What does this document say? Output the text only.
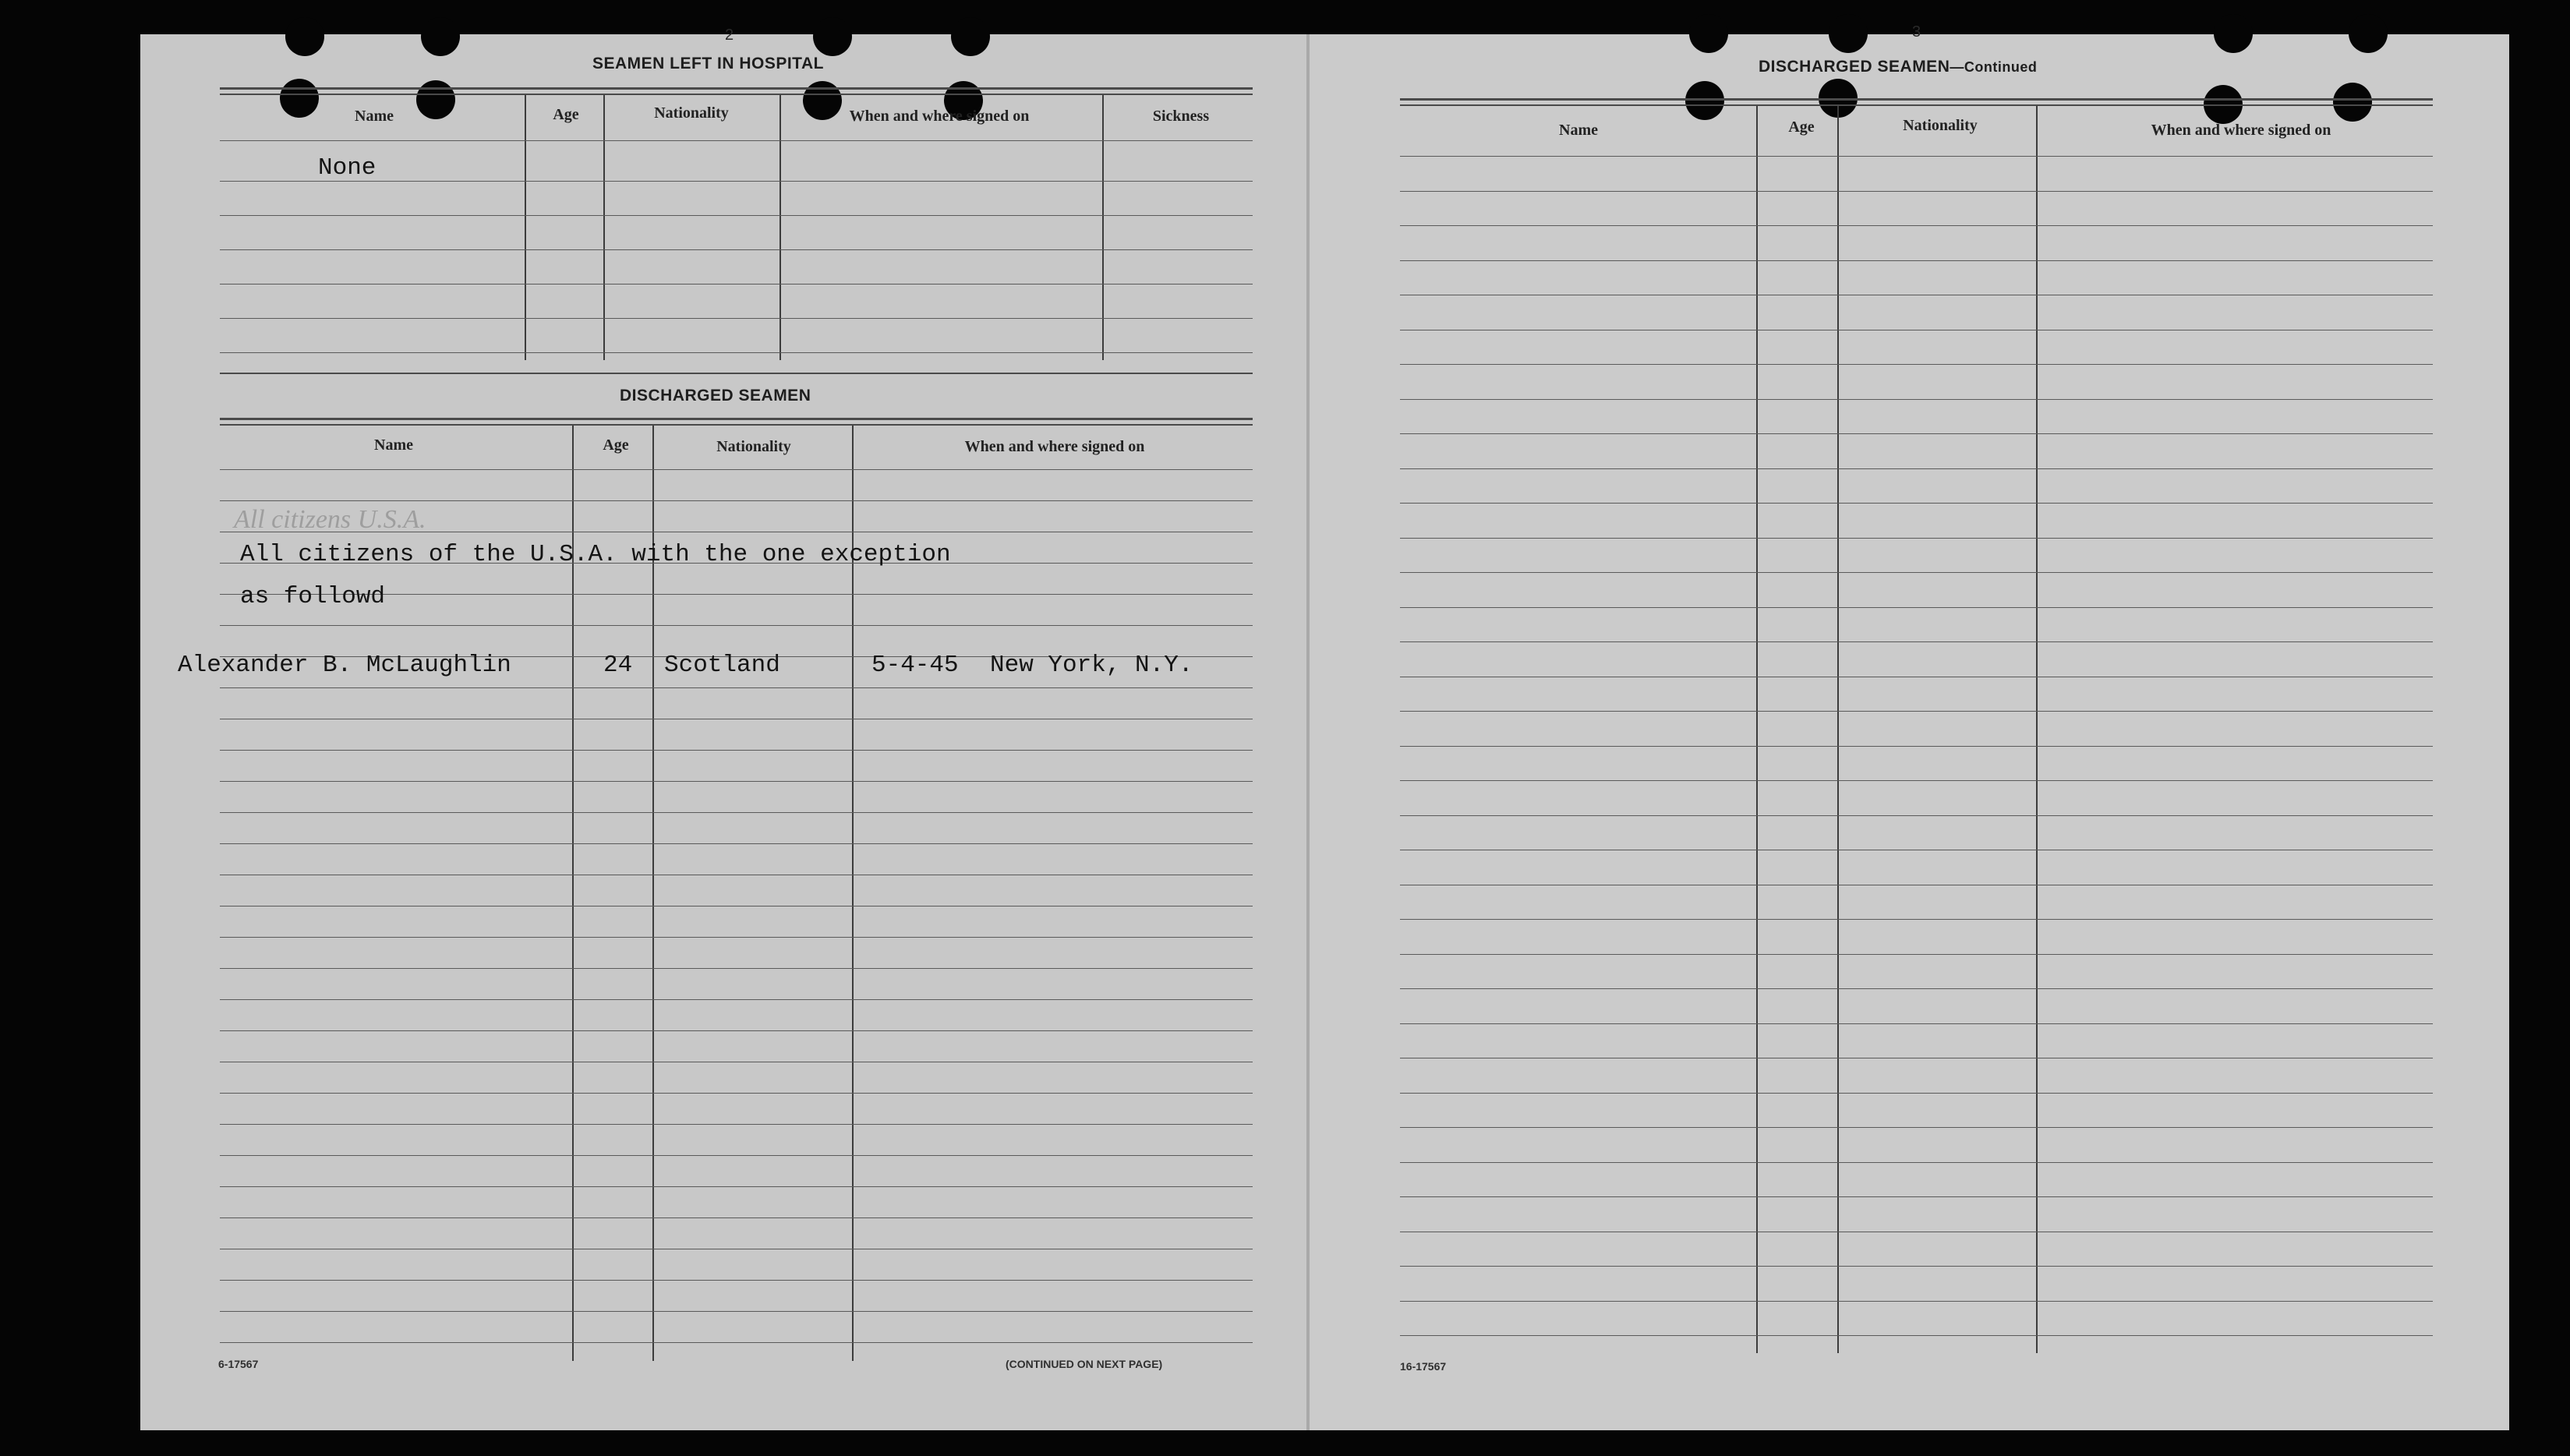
2
SEAMEN LEFT IN HOSPITAL
Name	Age	Nationality	When and where signed on	Sickness
None
DISCHARGED SEAMEN
Name	Age	Nationality	When and where signed on
All citizens U.S.A.
All citizens of the U.S.A. with the one exception
as followd
Alexander B. McLaughlin	24 Scotland	5-4-45 New York, N.Y.
6-17567	(CONTINUED ON NEXT PAGE)
3
DISCHARGED SEAMEN—Continued
Name	Age	Nationality	When and where signed on
16-17567
